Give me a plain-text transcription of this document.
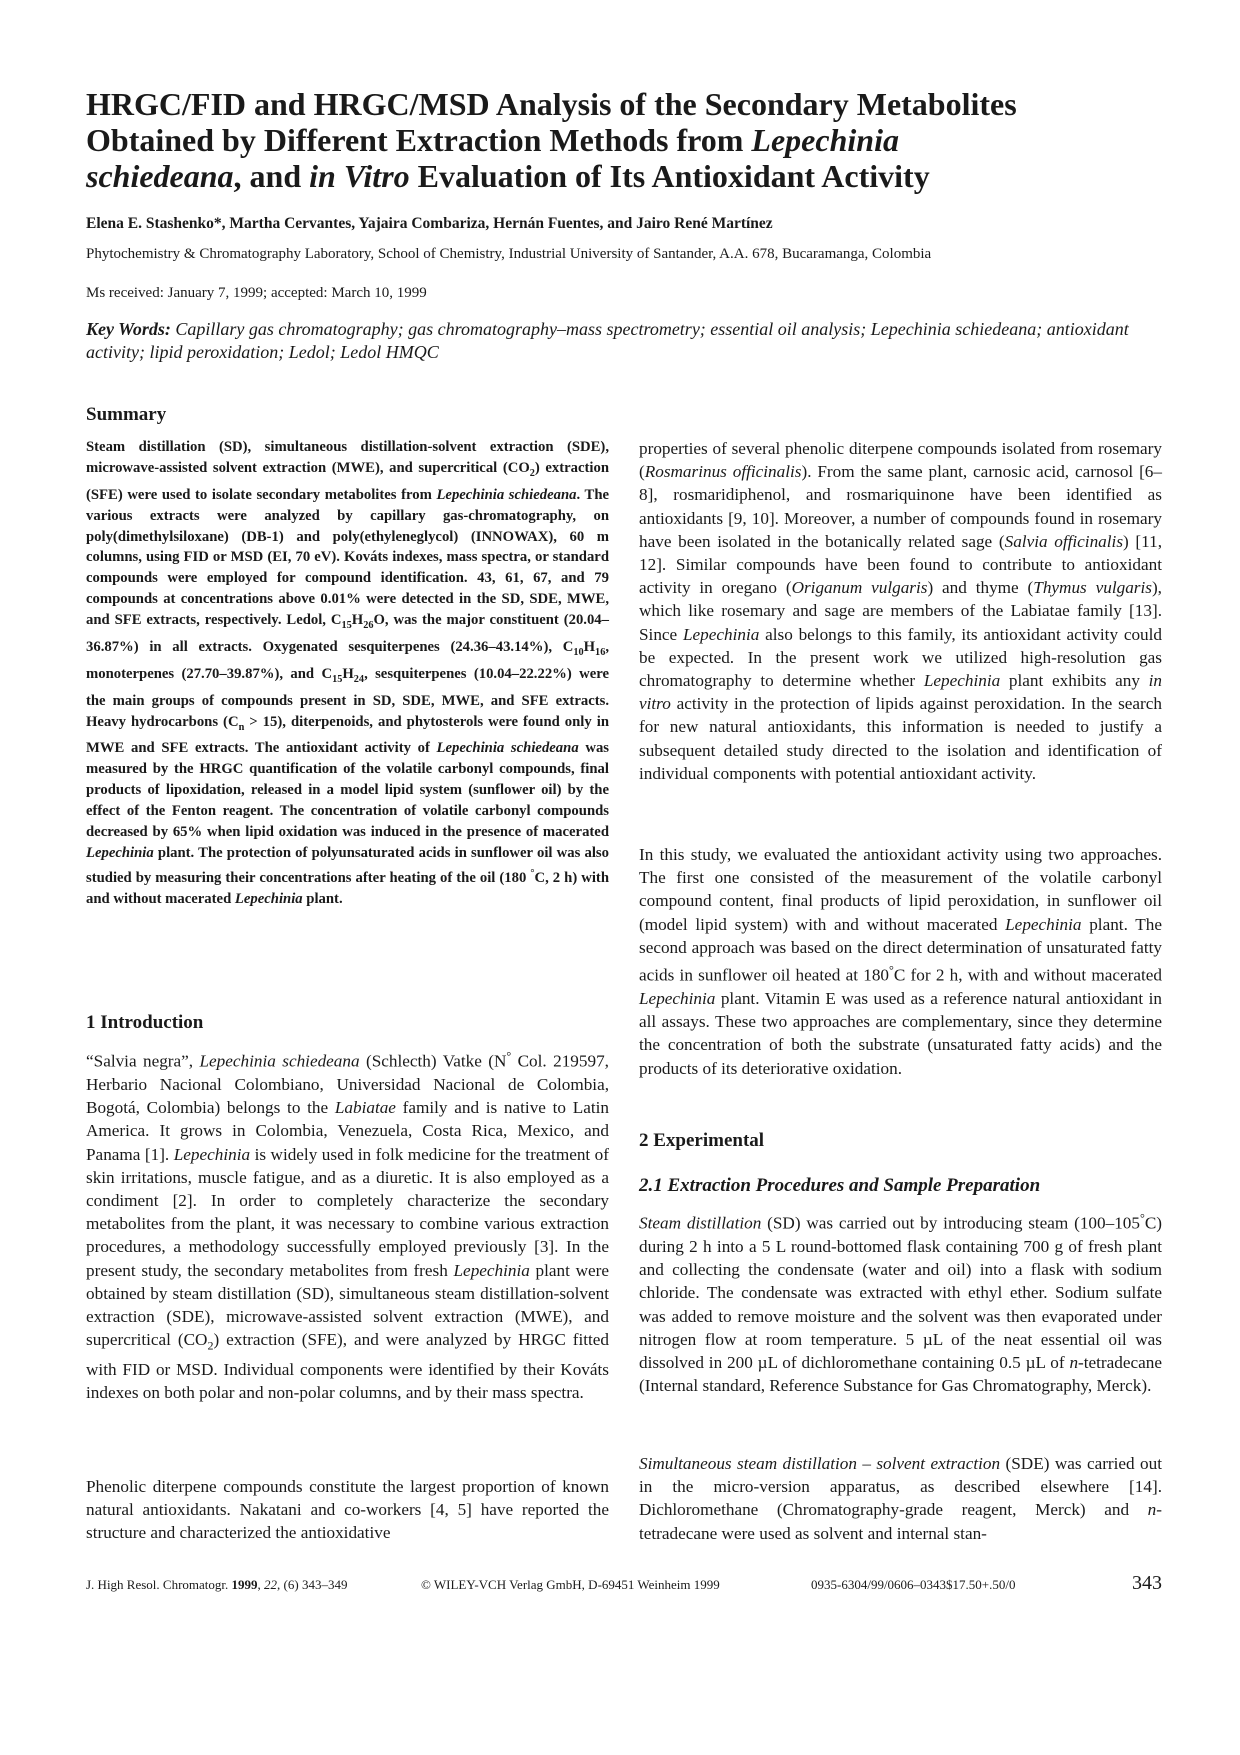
HRGC/FID and HRGC/MSD Analysis of the Secondary Metabolites
Obtained by Different Extraction Methods from Lepechinia
schiedeana, and in Vitro Evaluation of Its Antioxidant Activity
Elena E. Stashenko*, Martha Cervantes, Yajaira Combariza, Hernán Fuentes, and Jairo René Martínez
Phytochemistry & Chromatography Laboratory, School of Chemistry, Industrial University of Santander, A.A. 678, Bucaramanga, Colombia
Ms received: January 7, 1999; accepted: March 10, 1999
Key Words: Capillary gas chromatography; gas chromatography–mass spectrometry; essential oil analysis; Lepechinia schiedeana; antioxidant activity; lipid peroxidation; Ledol; Ledol HMQC
Summary
Steam distillation (SD), simultaneous distillation-solvent extraction (SDE), microwave-assisted solvent extraction (MWE), and supercritical $(CO_2)$ extraction (SFE) were used to isolate secondary metabolites from Lepechinia schiedeana. The various extracts were analyzed by capillary gas-chromatography, on poly(dimethylsiloxane) (DB-1) and poly(ethyleneglycol) (INNOWAX), 60 m columns, using FID or MSD (EI, 70 eV). Kováts indexes, mass spectra, or standard compounds were employed for compound identification. 43, 61, 67, and 79 compounds at concentrations above 0.01% were detected in the SD, SDE, MWE, and SFE extracts, respectively. Ledol, $C_{15}H_{26}O$, was the major constituent (20.04–36.87%) in all extracts. Oxygenated sesquiterpenes (24.36–43.14%), $C_{10}H_{16}$, monoterpenes (27.70–39.87%), and $C_{15}H_{24}$, sesquiterpenes (10.04–22.22%) were the main groups of compounds present in SD, SDE, MWE, and SFE extracts. Heavy hydrocarbons $(C_n > 15)$, diterpenoids, and phytosterols were found only in MWE and SFE extracts. The antioxidant activity of Lepechinia schiedeana was measured by the HRGC quantification of the volatile carbonyl compounds, final products of lipoxidation, released in a model lipid system (sunflower oil) by the effect of the Fenton reagent. The concentration of volatile carbonyl compounds decreased by 65% when lipid oxidation was induced in the presence of macerated Lepechinia plant. The protection of polyunsaturated acids in sunflower oil was also studied by measuring their concentrations after heating of the oil (180 °C, 2 h) with and without macerated Lepechinia plant.
1 Introduction
“Salvia negra”, Lepechinia schiedeana (Schlecth) Vatke (N° Col. 219597, Herbario Nacional Colombiano, Universidad Nacional de Colombia, Bogotá, Colombia) belongs to the Labiatae family and is native to Latin America. It grows in Colombia, Venezuela, Costa Rica, Mexico, and Panama [1]. Lepechinia is widely used in folk medicine for the treatment of skin irritations, muscle fatigue, and as a diuretic. It is also employed as a condiment [2]. In order to completely characterize the secondary metabolites from the plant, it was necessary to combine various extraction procedures, a methodology successfully employed previously [3]. In the present study, the secondary metabolites from fresh Lepechinia plant were obtained by steam distillation (SD), simultaneous steam distillation-solvent extraction (SDE), microwave-assisted solvent extraction (MWE), and supercritical $(CO_2)$ extraction (SFE), and were analyzed by HRGC fitted with FID or MSD. Individual components were identified by their Kováts indexes on both polar and non-polar columns, and by their mass spectra.
Phenolic diterpene compounds constitute the largest proportion of known natural antioxidants. Nakatani and co-workers [4, 5] have reported the structure and characterized the antioxidative
properties of several phenolic diterpene compounds isolated from rosemary (Rosmarinus officinalis). From the same plant, carnosic acid, carnosol [6–8], rosmaridiphenol, and rosmariquinone have been identified as antioxidants [9, 10]. Moreover, a number of compounds found in rosemary have been isolated in the botanically related sage (Salvia officinalis) [11, 12]. Similar compounds have been found to contribute to antioxidant activity in oregano (Origanum vulgaris) and thyme (Thymus vulgaris), which like rosemary and sage are members of the Labiatae family [13]. Since Lepechinia also belongs to this family, its antioxidant activity could be expected. In the present work we utilized high-resolution gas chromatography to determine whether Lepechinia plant exhibits any in vitro activity in the protection of lipids against peroxidation. In the search for new natural antioxidants, this information is needed to justify a subsequent detailed study directed to the isolation and identification of individual components with potential antioxidant activity.
In this study, we evaluated the antioxidant activity using two approaches. The first one consisted of the measurement of the volatile carbonyl compound content, final products of lipid peroxidation, in sunflower oil (model lipid system) with and without macerated Lepechinia plant. The second approach was based on the direct determination of unsaturated fatty acids in sunflower oil heated at 180°C for 2 h, with and without macerated Lepechinia plant. Vitamin E was used as a reference natural antioxidant in all assays. These two approaches are complementary, since they determine the concentration of both the substrate (unsaturated fatty acids) and the products of its deteriorative oxidation.
2 Experimental
2.1 Extraction Procedures and Sample Preparation
Steam distillation (SD) was carried out by introducing steam (100–105°C) during 2 h into a 5 L round-bottomed flask containing 700 g of fresh plant and collecting the condensate (water and oil) into a flask with sodium chloride. The condensate was extracted with ethyl ether. Sodium sulfate was added to remove moisture and the solvent was then evaporated under nitrogen flow at room temperature. 5 µL of the neat essential oil was dissolved in 200 µL of dichloromethane containing 0.5 µL of n-tetradecane (Internal standard, Reference Substance for Gas Chromatography, Merck).
Simultaneous steam distillation – solvent extraction (SDE) was carried out in the micro-version apparatus, as described elsewhere [14]. Dichloromethane (Chromatography-grade reagent, Merck) and n-tetradecane were used as solvent and internal stan-
J. High Resol. Chromatogr. 1999, 22, (6) 343–349	© WILEY-VCH Verlag GmbH, D-69451 Weinheim 1999	0935-6304/99/0606–0343$17.50+.50/0	343
